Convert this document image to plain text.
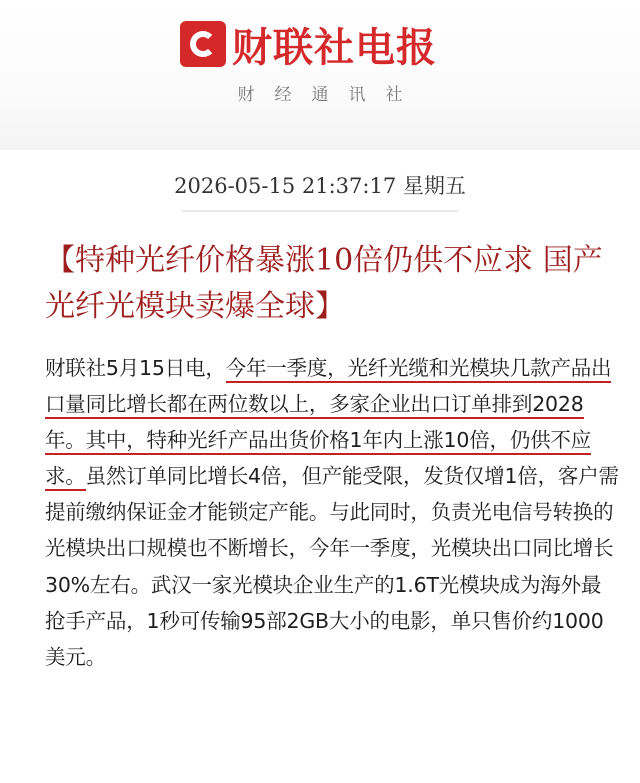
财联社 电报
财经通讯社
2026-05-15 21:37:17 星期五
【特种光纤价格暴涨10倍仍供不应求 国产光纤光模块卖爆全球】
财联社5月15日电，今年一季度，光纤光缆和光模块几款产品出口量同比增长都在两位数以上，多家企业出口订单排到2028年。其中，特种光纤产品出货价格1年内上涨10倍，仍供不应求。虽然订单同比增长4倍，但产能受限，发货仅增1倍，客户需提前缴纳保证金才能锁定产能。与此同时，负责光电信号转换的光模块出口规模也不断增长，今年一季度，光模块出口同比增长30%左右。武汉一家光模块企业生产的1.6T光模块成为海外最抢手产品，1秒可传输95部2GB大小的电影，单只售价约1000美元。
